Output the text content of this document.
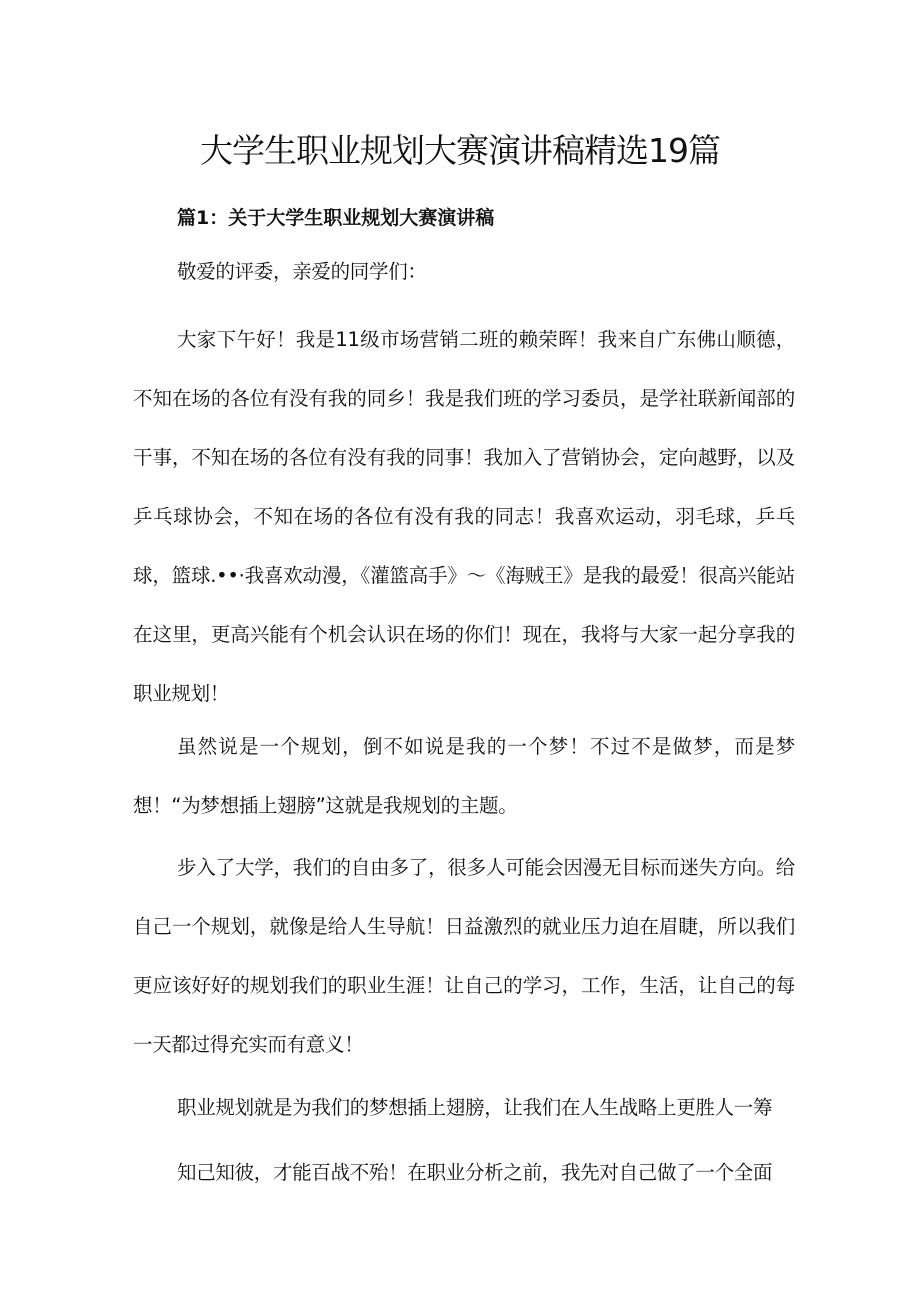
大学生职业规划大赛演讲稿精选19篇
篇1：关于大学生职业规划大赛演讲稿

敬爱的评委，亲爱的同学们：

大家下午好！我是11级市场营销二班的赖荣晖！我来自广东佛山顺德，不知在场的各位有没有我的同乡！我是我们班的学习委员，是学社联新闻部的干事，不知在场的各位有没有我的同事！我加入了营销协会，定向越野，以及乒乓球协会，不知在场的各位有没有我的同志！我喜欢运动，羽毛球，乒乓球，篮球.••·我喜欢动漫，《灌篮高手》〜《海贼王》是我的最爱！很高兴能站在这里，更高兴能有个机会认识在场的你们！现在，我将与大家一起分享我的职业规划！

虽然说是一个规划，倒不如说是我的一个梦！不过不是做梦，而是梦想！“为梦想插上翅膀”这就是我规划的主题。

步入了大学，我们的自由多了，很多人可能会因漫无目标而迷失方向。给自己一个规划，就像是给人生导航！日益激烈的就业压力迫在眉睫，所以我们更应该好好的规划我们的职业生涯！让自己的学习，工作，生活，让自己的每一天都过得充实而有意义！

职业规划就是为我们的梦想插上翅膀，让我们在人生战略上更胜人一筹

知己知彼，才能百战不殆！在职业分析之前，我先对自己做了一个全面
